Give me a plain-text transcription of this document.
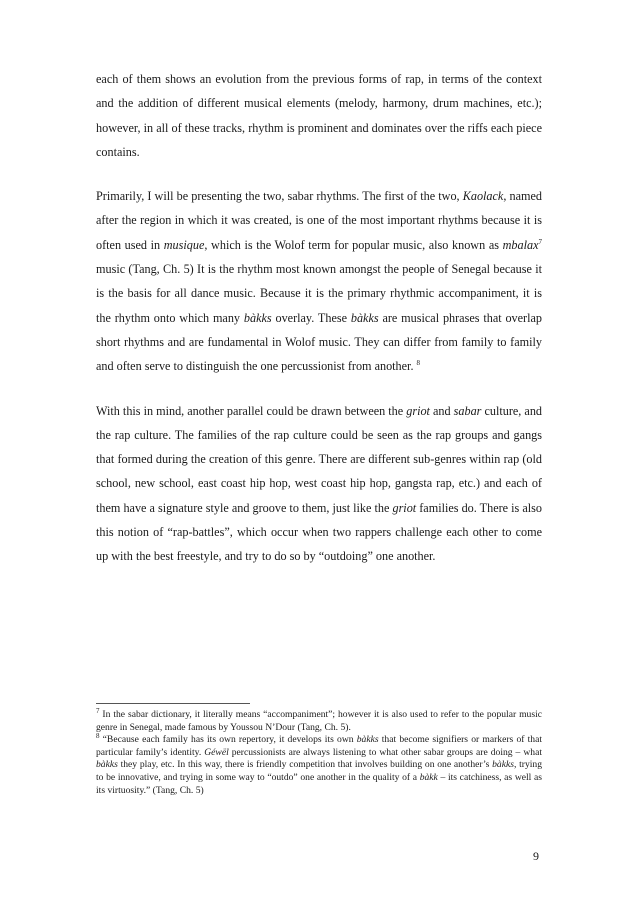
each of them shows an evolution from the previous forms of rap, in terms of the context and the addition of different musical elements (melody, harmony, drum machines, etc.); however, in all of these tracks, rhythm is prominent and dominates over the riffs each piece contains.

Primarily, I will be presenting the two, sabar rhythms. The first of the two, Kaolack, named after the region in which it was created, is one of the most important rhythms because it is often used in musique, which is the Wolof term for popular music, also known as mbalax$^7$ music (Tang, Ch. 5) It is the rhythm most known amongst the people of Senegal because it is the basis for all dance music. Because it is the primary rhythmic accompaniment, it is the rhythm onto which many bàkks overlay. These bàkks are musical phrases that overlap short rhythms and are fundamental in Wolof music. They can differ from family to family and often serve to distinguish the one percussionist from another. $^8$

With this in mind, another parallel could be drawn between the griot and sabar culture, and the rap culture. The families of the rap culture could be seen as the rap groups and gangs that formed during the creation of this genre. There are different sub-genres within rap (old school, new school, east coast hip hop, west coast hip hop, gangsta rap, etc.) and each of them have a signature style and groove to them, just like the griot families do. There is also this notion of “rap-battles”, which occur when two rappers challenge each other to come up with the best freestyle, and try to do so by “outdoing” one another.

$^7$ In the sabar dictionary, it literally means “accompaniment”; however it is also used to refer to the popular music genre in Senegal, made famous by Youssou N’Dour (Tang, Ch. 5).

$^8$ “Because each family has its own repertory, it develops its own bàkks that become signifiers or markers of that particular family’s identity. Géwël percussionists are always listening to what other sabar groups are doing – what bàkks they play, etc. In this way, there is friendly competition that involves building on one another’s bàkks, trying to be innovative, and trying in some way to “outdo” one another in the quality of a bàkk – its catchiness, as well as its virtuosity.” (Tang, Ch. 5)

9
